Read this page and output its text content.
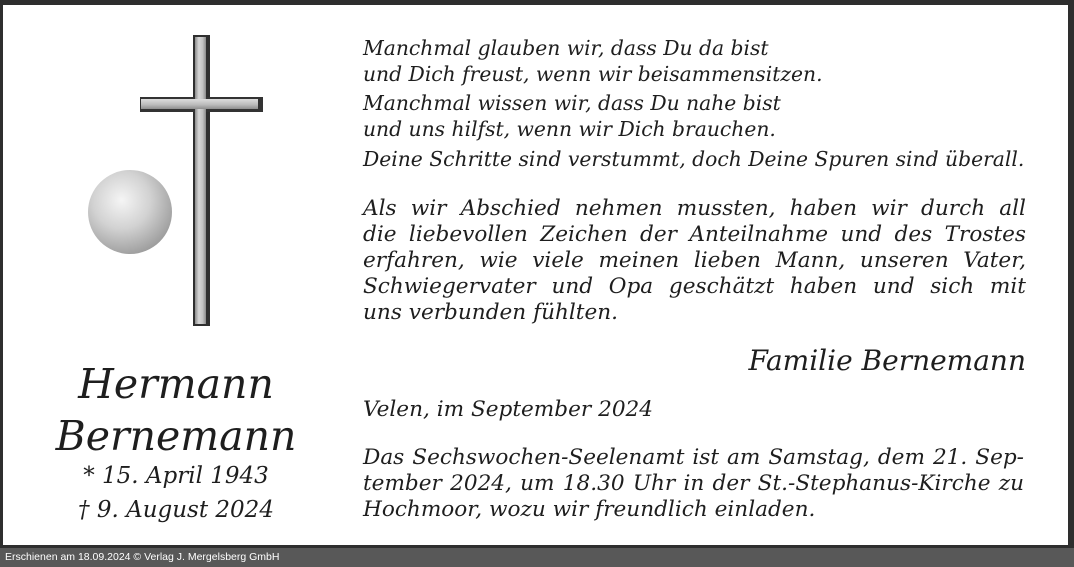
Hermann
Bernemann
* 15. April 1943
† 9. August 2024
Manchmal glauben wir, dass Du da bist
und Dich freust, wenn wir beisammensitzen.
Manchmal wissen wir, dass Du nahe bist
und uns hilfst, wenn wir Dich brauchen.
Deine Schritte sind verstummt, doch Deine Spuren sind überall.
Als wir Abschied nehmen mussten, haben wir durch all
die liebevollen Zeichen der Anteilnahme und des Trostes
erfahren, wie viele meinen lieben Mann, unseren Vater,
Schwiegervater und Opa geschätzt haben und sich mit
uns verbunden fühlten.
Familie Bernemann
Velen, im September 2024
Das Sechswochen-Seelenamt ist am Samstag, dem 21. Sep-
tember 2024, um 18.30 Uhr in der St.-Stephanus-Kirche zu
Hochmoor, wozu wir freundlich einladen.
Erschienen am 18.09.2024 © Verlag J. Mergelsberg GmbH
